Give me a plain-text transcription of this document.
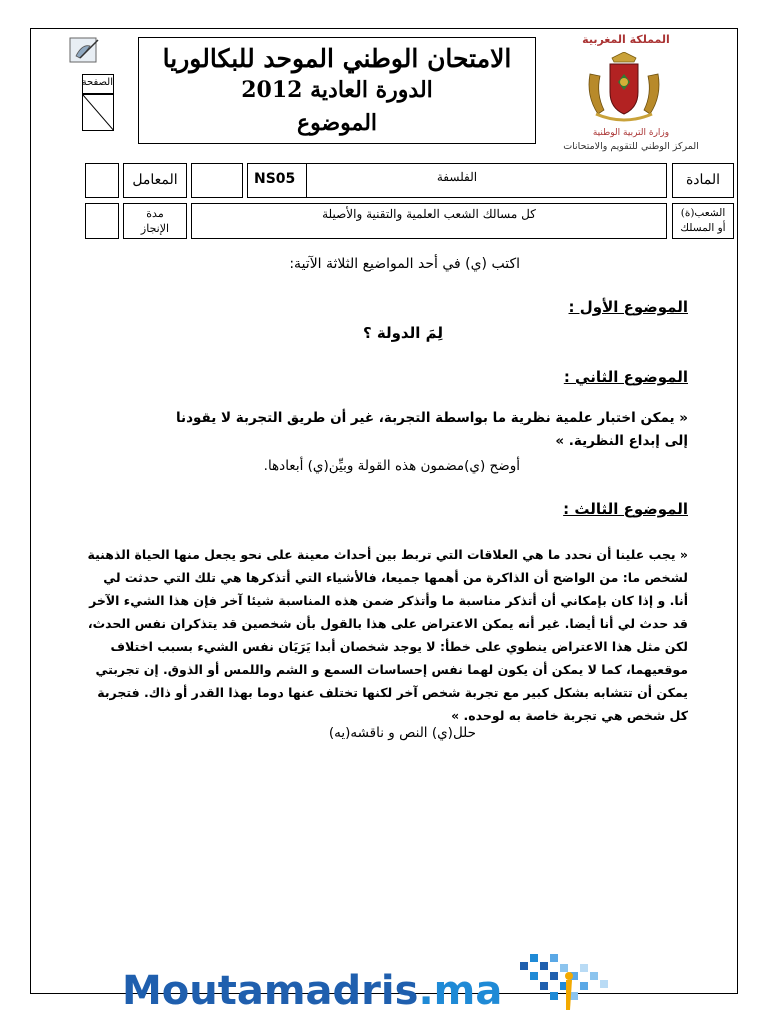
الصفحة
الامتحان الوطني الموحد للبكالوريا
الدورة العادية 2012
الموضوع
المملكة المغربية
وزارة التربية الوطنية
المركز الوطني للتقويم والامتحانات
المعامل	NS05	الفلسفة	المادة
مدة
الإنجاز
كل مسالك الشعب العلمية والتقنية والأصيلة	الشعب(ة)
أو المسلك
اكتب (ي) في أحد المواضيع الثلاثة الآتية:
الموضوع الأول :
لِمَ الدولة ؟
الموضوع الثاني :
« يمكن اختبار علمية نظرية ما بواسطة التجربة، غير أن طريق التجربة لا يقودنا
إلى إبداع النظرية. »
أوضح (ي)مضمون هذه القولة وبيِّن(ي) أبعادها.
الموضوع الثالث :
« يجب علينا أن نحدد ما هي العلاقات التي تربط بين أحداث معينة على نحو يجعل منها الحياة الذهنية
لشخص ما: من الواضح أن الذاكرة من أهمها جميعا، فالأشياء التي أتذكرها هي تلك التي حدثت لي
أنا. و إذا كان بإمكاني أن أتذكر مناسبة ما وأتذكر ضمن هذه المناسبة شيئا آخر فإن هذا الشيء الآخر
قد حدث لي أنا أيضا. غير أنه يمكن الاعتراض على هذا بالقول بأن شخصين قد يتذكران نفس الحدث،
لكن مثل هذا الاعتراض ينطوي على خطأ: لا يوجد شخصان أبدا يَرَيَان نفس الشيء بسبب اختلاف
موقعيهما، كما لا يمكن أن يكون لهما نفس إحساسات السمع و الشم واللمس أو الذوق. إن تجربتي
يمكن أن تتشابه بشكل كبير مع تجربة شخص آخر لكنها تختلف عنها دوما بهذا القدر أو ذاك. فتجربة
كل شخص هي تجربة خاصة به لوحده. »
حلل(ي) النص و ناقشه(يه)
Moutamadris.ma
